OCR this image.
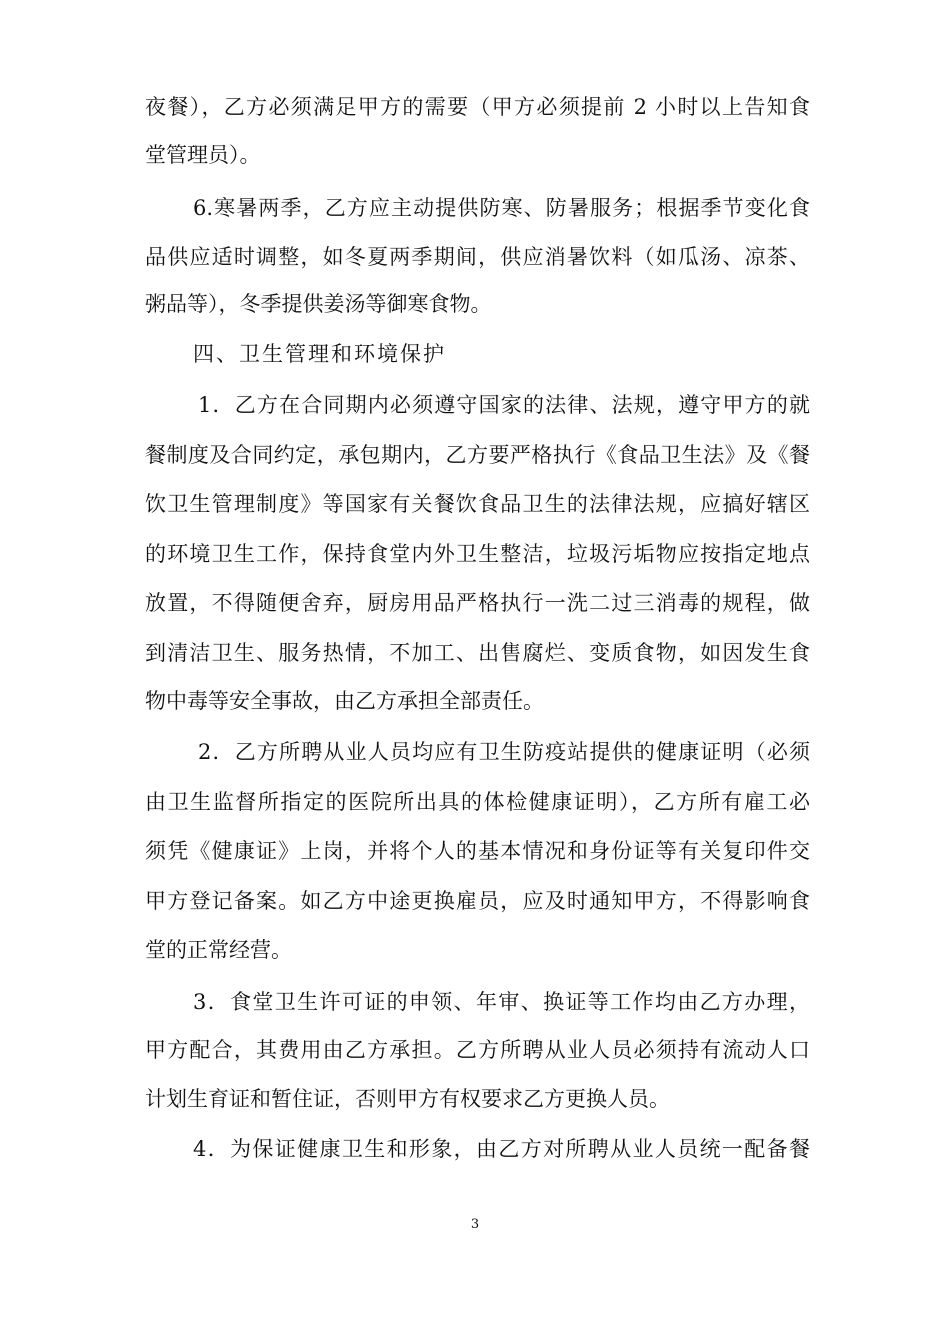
夜餐），乙方必须满足甲方的需要（甲方必须提前 2 小时以上告知食
堂管理员）。
6.寒暑两季，乙方应主动提供防寒、防暑服务；根据季节变化食
品供应适时调整，如冬夏两季期间，供应消暑饮料（如瓜汤、凉茶、
粥品等），冬季提供姜汤等御寒食物。
四、卫生管理和环境保护
1．乙方在合同期内必须遵守国家的法律、法规，遵守甲方的就
餐制度及合同约定，承包期内，乙方要严格执行《食品卫生法》及《餐
饮卫生管理制度》等国家有关餐饮食品卫生的法律法规，应搞好辖区
的环境卫生工作，保持食堂内外卫生整洁，垃圾污垢物应按指定地点
放置，不得随便舍弃，厨房用品严格执行一洗二过三消毒的规程，做
到清洁卫生、服务热情，不加工、出售腐烂、变质食物，如因发生食
物中毒等安全事故，由乙方承担全部责任。
2．乙方所聘从业人员均应有卫生防疫站提供的健康证明（必须
由卫生监督所指定的医院所出具的体检健康证明），乙方所有雇工必
须凭《健康证》上岗，并将个人的基本情况和身份证等有关复印件交
甲方登记备案。如乙方中途更换雇员，应及时通知甲方，不得影响食
堂的正常经营。
3．食堂卫生许可证的申领、年审、换证等工作均由乙方办理，
甲方配合，其费用由乙方承担。乙方所聘从业人员必须持有流动人口
计划生育证和暂住证，否则甲方有权要求乙方更换人员。
4．为保证健康卫生和形象，由乙方对所聘从业人员统一配备餐
3
